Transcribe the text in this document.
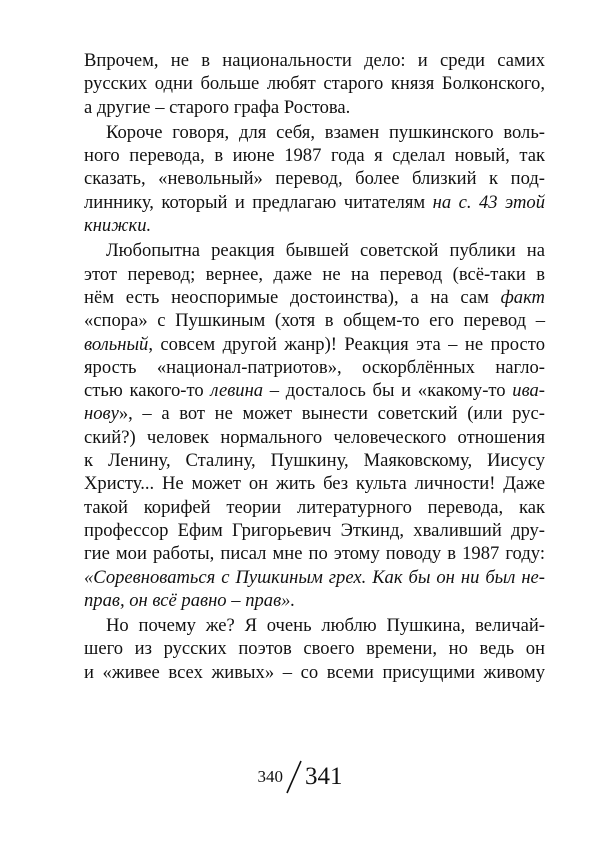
Впрочем, не в национальности дело: и среди самих
русских одни больше любят старого князя Болконского,
а другие – старого графа Ростова.
Короче говоря, для себя, взамен пушкинского воль-
ного перевода, в июне 1987 года я сделал новый, так
сказать, «невольный» перевод, более близкий к под-
линнику, который и предлагаю читателям на с. 43 этой
книжки.
Любопытна реакция бывшей советской публики на
этот перевод; вернее, даже не на перевод (всё-таки в
нём есть неоспоримые достоинства), а на сам факт
«спора» с Пушкиным (хотя в общем-то его перевод –
вольный, совсем другой жанр)! Реакция эта – не просто
ярость «национал-патриотов», оскорблённых нагло-
стью какого-то левина – досталось бы и «какому-то ива-
нову», – а вот не может вынести советский (или рус-
ский?) человек нормального человеческого отношения
к Ленину, Сталину, Пушкину, Маяковскому, Иисусу
Христу... Не может он жить без культа личности! Даже
такой корифей теории литературного перевода, как
профессор Ефим Григорьевич Эткинд, хваливший дру-
гие мои работы, писал мне по этому поводу в 1987 году:
«Соревноваться с Пушкиным грех. Как бы он ни был не-
прав, он всё равно – прав».
Но почему же? Я очень люблю Пушкина, величай-
шего из русских поэтов своего времени, но ведь он
и «живее всех живых» – со всеми присущими живому
340 341
